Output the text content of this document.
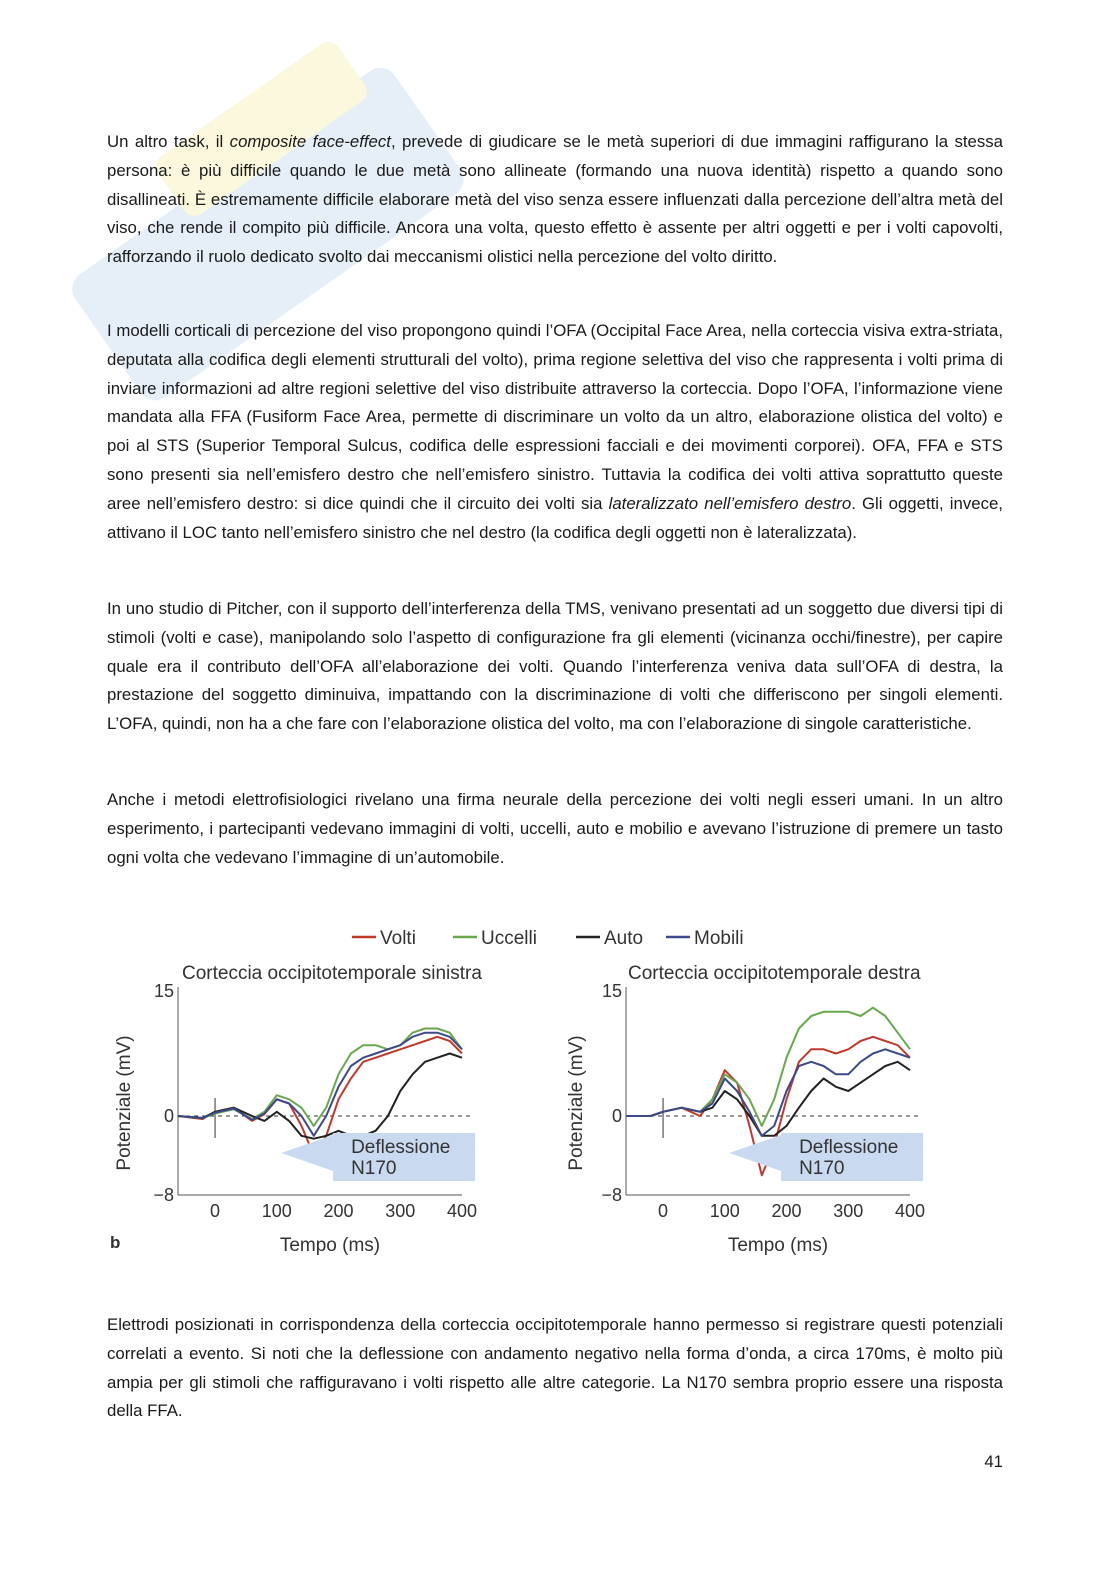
Un altro task, il composite face-effect, prevede di giudicare se le metà superiori di due immagini raffigurano la stessa persona: è più difficile quando le due metà sono allineate (formando una nuova identità) rispetto a quando sono disallineati. È estremamente difficile elaborare metà del viso senza essere influenzati dalla percezione dell’altra metà del viso, che rende il compito più difficile. Ancora una volta, questo effetto è assente per altri oggetti e per i volti capovolti, rafforzando il ruolo dedicato svolto dai meccanismi olistici nella percezione del volto diritto.

I modelli corticali di percezione del viso propongono quindi l’OFA (Occipital Face Area, nella corteccia visiva extra-striata, deputata alla codifica degli elementi strutturali del volto), prima regione selettiva del viso che rappresenta i volti prima di inviare informazioni ad altre regioni selettive del viso distribuite attraverso la corteccia. Dopo l’OFA, l’informazione viene mandata alla FFA (Fusiform Face Area, permette di discriminare un volto da un altro, elaborazione olistica del volto) e poi al STS (Superior Temporal Sulcus, codifica delle espressioni facciali e dei movimenti corporei). OFA, FFA e STS sono presenti sia nell’emisfero destro che nell’emisfero sinistro. Tuttavia la codifica dei volti attiva soprattutto queste aree nell’emisfero destro: si dice quindi che il circuito dei volti sia lateralizzato nell’emisfero destro. Gli oggetti, invece, attivano il LOC tanto nell’emisfero sinistro che nel destro (la codifica degli oggetti non è lateralizzata).

In uno studio di Pitcher, con il supporto dell’interferenza della TMS, venivano presentati ad un soggetto due diversi tipi di stimoli (volti e case), manipolando solo l’aspetto di configurazione fra gli elementi (vicinanza occhi/finestre), per capire quale era il contributo dell’OFA all’elaborazione dei volti. Quando l’interferenza veniva data sull’OFA di destra, la prestazione del soggetto diminuiva, impattando con la discriminazione di volti che differiscono per singoli elementi. L’OFA, quindi, non ha a che fare con l’elaborazione olistica del volto, ma con l’elaborazione di singole caratteristiche.

Anche i metodi elettrofisiologici rivelano una firma neurale della percezione dei volti negli esseri umani. In un altro esperimento, i partecipanti vedevano immagini di volti, uccelli, auto e mobilio e avevano l’istruzione di premere un tasto ogni volta che vedevano l’immagine di un’automobile.

Volti	Uccelli	Auto	Mobili
b
Corteccia occipitotemporale sinistra
15
0
−8
0 100 200 300 400
Tempo (ms)
Potenziale (mV)	Deflessione
N170
Corteccia occipitotemporale destra
15
0
−8
0 100 200 300 400
Tempo (ms)
Potenziale (mV)	Deflessione
N170

Elettrodi posizionati in corrispondenza della corteccia occipitotemporale hanno permesso si registrare questi potenziali correlati a evento. Si noti che la deflessione con andamento negativo nella forma d’onda, a circa 170ms, è molto più ampia per gli stimoli che raffiguravano i volti rispetto alle altre categorie. La N170 sembra proprio essere una risposta della FFA.

41
